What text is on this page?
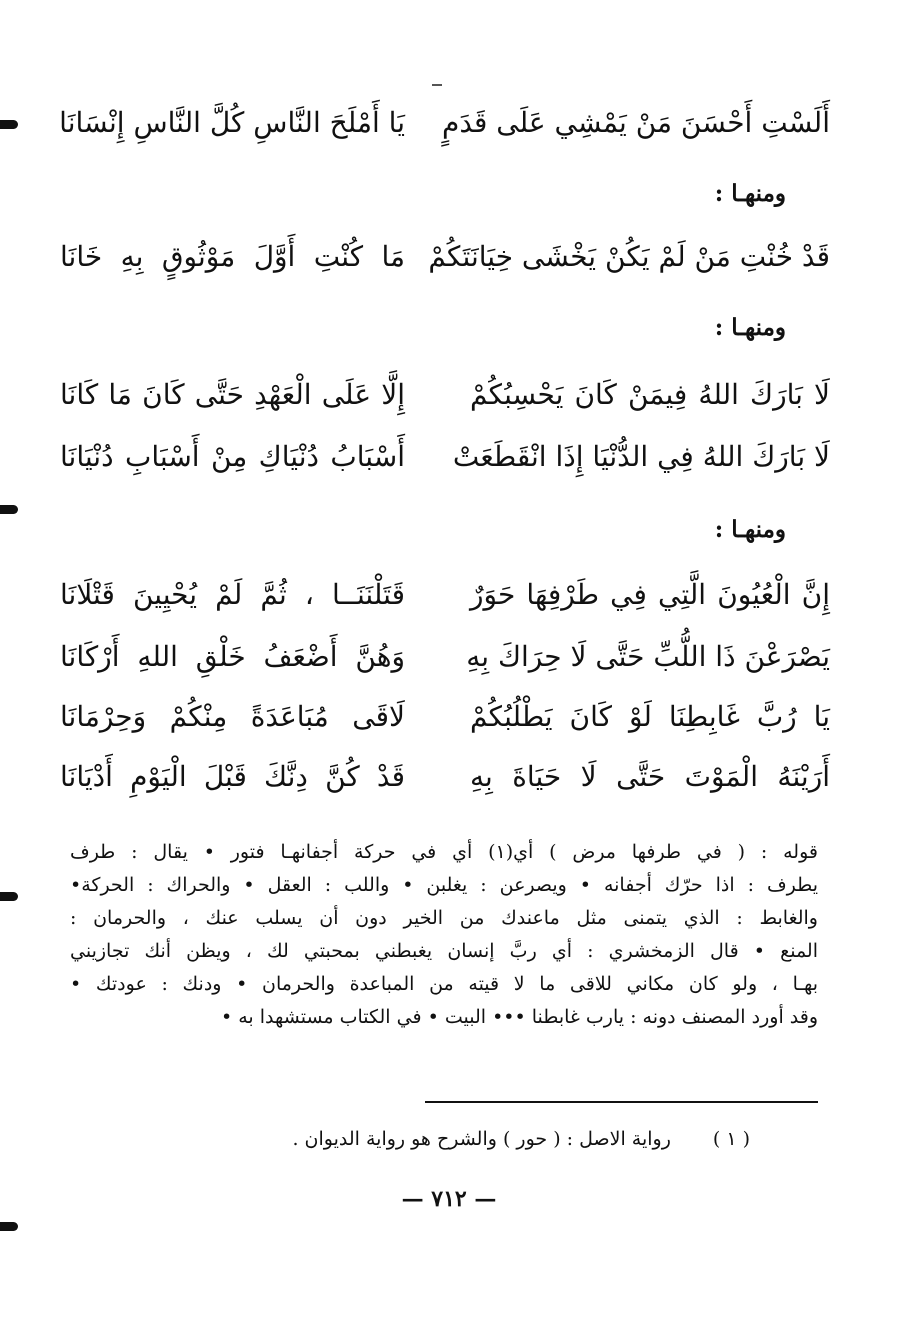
أَلَسْتِ أَحْسَنَ مَنْ يَمْشِي عَلَى قَدَمٍ
يَا أَمْلَحَ النَّاسِ كُلَّ النَّاسِ إِنْسَانَا
ومنهـا :
قَدْ خُنْتِ مَنْ لَمْ يَكُنْ يَخْشَى خِيَانَتَكُمْ
مَا كُنْتِ أَوَّلَ مَوْثُوقٍ بِهِ خَانَا
ومنهـا :
لَا بَارَكَ اللهُ فِيمَنْ كَانَ يَحْسِبُكُمْ
إِلَّا عَلَى الْعَهْدِ حَتَّى كَانَ مَا كَانَا
لَا بَارَكَ اللهُ فِي الدُّنْيَا إِذَا انْقَطَعَتْ
أَسْبَابُ دُنْيَاكِ مِنْ أَسْبَابِ دُنْيَانَا
ومنهـا :
إِنَّ الْعُيُونَ الَّتِي فِي طَرْفِهَا حَوَرٌ
قَتَلْنَنَــا ، ثُمَّ لَمْ يُحْيِينَ قَتْلَانَا
يَصْرَعْنَ ذَا اللُّبِّ حَتَّى لَا حِرَاكَ بِهِ
وَهُنَّ أَضْعَفُ خَلْقِ اللهِ أَرْكَانَا
يَا رُبَّ غَابِطِنَا لَوْ كَانَ يَطْلُبُكُمْ
لَاقَى مُبَاعَدَةً مِنْكُمْ وَحِرْمَانَا
أَرَيْنَهُ الْمَوْتَ حَتَّى لَا حَيَاةَ بِهِ
قَدْ كُنَّ دِنَّكَ قَبْلَ الْيَوْمِ أَدْيَانَا

قوله : ( في طرفها مرض ) أي(١) أي في حركة أجفانهـا فتور • يقال : طرف

يطرف : اذا حرّك أجفانه • ويصرعن : يغلبن • واللب : العقل • والحراك : الحركة•

والغابط : الذي يتمنى مثل ماعندك من الخير دون أن يسلب عنك ، والحرمان :

المنع • قال الزمخشري : أي ربَّ إنسان يغبطني بمحبتي لك ، ويظن أنك تجازيني

بهـا ، ولو كان مكاني للاقى ما لا قيته من المباعدة والحرمان • ودنك : عودتك •

وقد أورد المصنف دونه : يارب غابطنا ••• البيت • في الكتاب مستشهدا به •

( ١ )رواية الاصل : ( حور ) والشرح هو رواية الديوان .
— ٧١٢ —
